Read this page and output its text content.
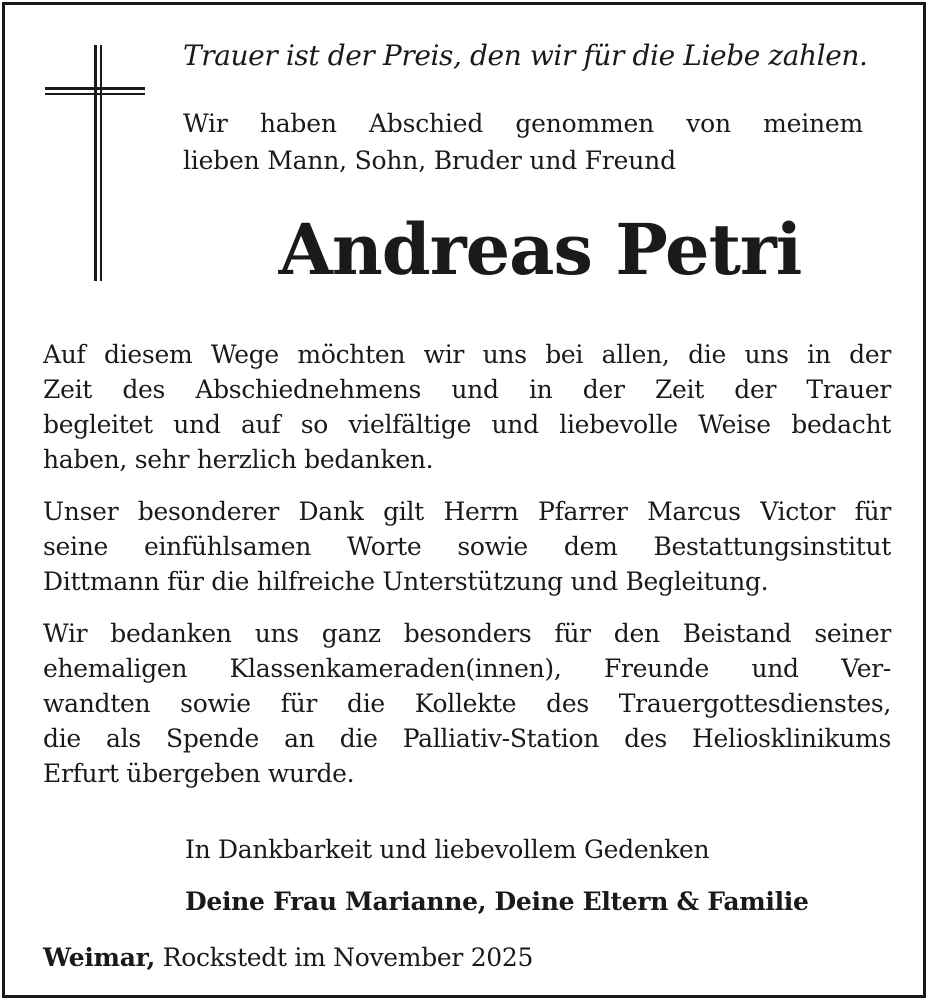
Trauer ist der Preis, den wir für die Liebe zahlen.
Wir haben Abschied genommen von meinem
lieben Mann, Sohn, Bruder und Freund
Andreas Petri
Auf diesem Wege möchten wir uns bei allen, die uns in der
Zeit des Abschiednehmens und in der Zeit der Trauer
begleitet und auf so vielfältige und liebevolle Weise bedacht
haben, sehr herzlich bedanken.
Unser besonderer Dank gilt Herrn Pfarrer Marcus Victor für
seine einfühlsamen Worte sowie dem Bestattungsinstitut
Dittmann für die hilfreiche Unterstützung und Begleitung.
Wir bedanken uns ganz besonders für den Beistand seiner
ehemaligen Klassenkameraden(innen), Freunde und Ver-
wandten sowie für die Kollekte des Trauergottesdienstes,
die als Spende an die Palliativ-Station des Heliosklinikums
Erfurt übergeben wurde.
In Dankbarkeit und liebevollem Gedenken
Deine Frau Marianne, Deine Eltern & Familie
Weimar, Rockstedt im November 2025
